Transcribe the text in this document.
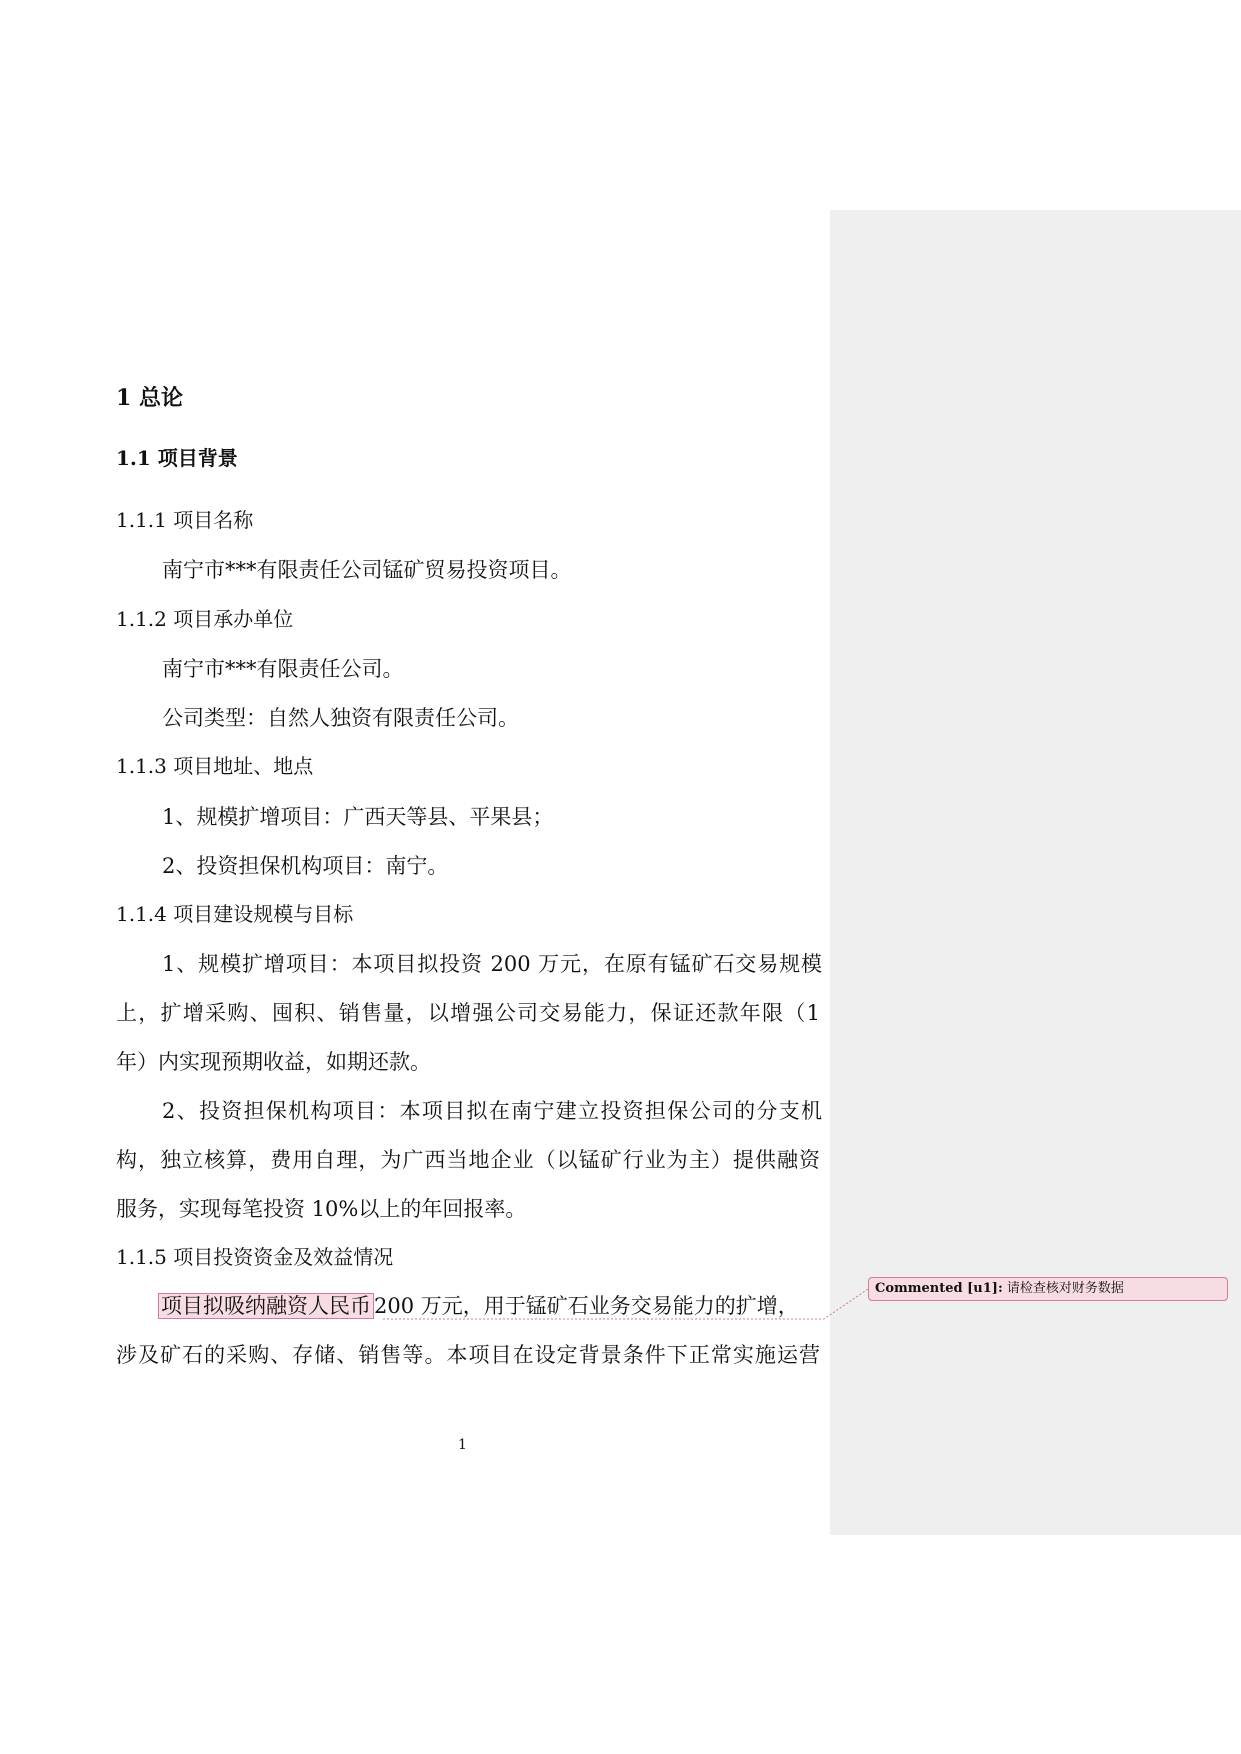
1 总论
1.1 项目背景
1.1.1 项目名称
南宁市***有限责任公司锰矿贸易投资项目。
1.1.2 项目承办单位
南宁市***有限责任公司。
公司类型：自然人独资有限责任公司。
1.1.3 项目地址、地点
1、规模扩增项目：广西天等县、平果县；
2、投资担保机构项目：南宁。
1.1.4 项目建设规模与目标
1、规模扩增项目：本项目拟投资 200 万元，在原有锰矿石交易规模
上，扩增采购、囤积、销售量，以增强公司交易能力，保证还款年限（1
年）内实现预期收益，如期还款。
2、投资担保机构项目：本项目拟在南宁建立投资担保公司的分支机
构，独立核算，费用自理，为广西当地企业（以锰矿行业为主）提供融资
服务，实现每笔投资 10%以上的年回报率。
1.1.5 项目投资资金及效益情况
项目拟吸纳融资人民币 200 万元，用于锰矿石业务交易能力的扩增，
涉及矿石的采购、存储、销售等。本项目在设定背景条件下正常实施运营
1
Commented [u1]: 请检查核对财务数据
